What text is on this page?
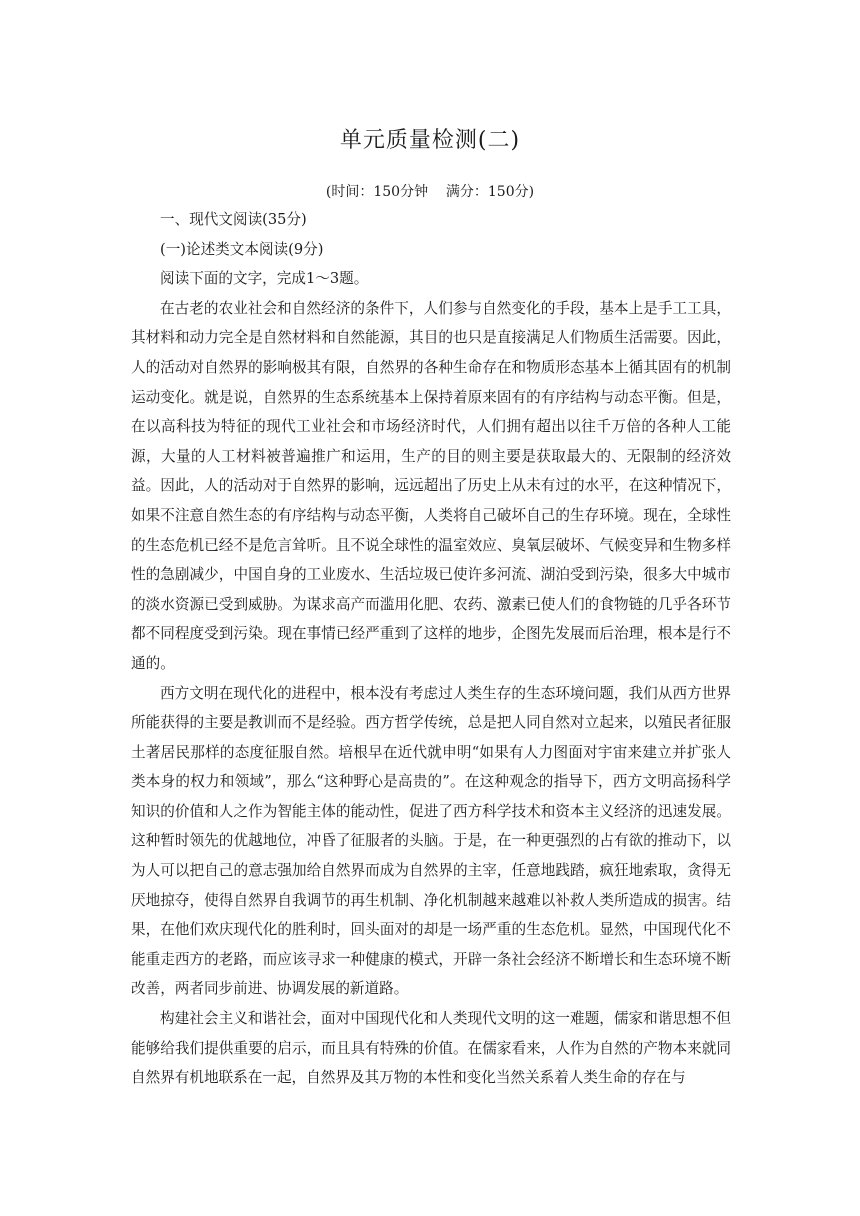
单元质量检测(二)
(时间：150分钟    满分：150分)

一、现代文阅读(35分)

(一)论述类文本阅读(9分)

阅读下面的文字，完成1～3题。

在古老的农业社会和自然经济的条件下，人们参与自然变化的手段，基本上是手工工具，其材料和动力完全是自然材料和自然能源，其目的也只是直接满足人们物质生活需要。因此，人的活动对自然界的影响极其有限，自然界的各种生命存在和物质形态基本上循其固有的机制运动变化。就是说，自然界的生态系统基本上保持着原来固有的有序结构与动态平衡。但是，在以高科技为特征的现代工业社会和市场经济时代，人们拥有超出以往千万倍的各种人工能源，大量的人工材料被普遍推广和运用，生产的目的则主要是获取最大的、无限制的经济效益。因此，人的活动对于自然界的影响，远远超出了历史上从未有过的水平，在这种情况下，如果不注意自然生态的有序结构与动态平衡，人类将自己破坏自己的生存环境。现在，全球性的生态危机已经不是危言耸听。且不说全球性的温室效应、臭氧层破坏、气候变异和生物多样性的急剧减少，中国自身的工业废水、生活垃圾已使许多河流、湖泊受到污染，很多大中城市的淡水资源已受到威胁。为谋求高产而滥用化肥、农药、激素已使人们的食物链的几乎各环节都不同程度受到污染。现在事情已经严重到了这样的地步，企图先发展而后治理，根本是行不通的。

西方文明在现代化的进程中，根本没有考虑过人类生存的生态环境问题，我们从西方世界所能获得的主要是教训而不是经验。西方哲学传统，总是把人同自然对立起来，以殖民者征服土著居民那样的态度征服自然。培根早在近代就申明“如果有人力图面对宇宙来建立并扩张人类本身的权力和领域”，那么“这种野心是高贵的”。在这种观念的指导下，西方文明高扬科学知识的价值和人之作为智能主体的能动性，促进了西方科学技术和资本主义经济的迅速发展。这种暂时领先的优越地位，冲昏了征服者的头脑。于是，在一种更强烈的占有欲的推动下，以为人可以把自己的意志强加给自然界而成为自然界的主宰，任意地践踏，疯狂地索取，贪得无厌地掠夺，使得自然界自我调节的再生机制、净化机制越来越难以补救人类所造成的损害。结果，在他们欢庆现代化的胜利时，回头面对的却是一场严重的生态危机。显然，中国现代化不能重走西方的老路，而应该寻求一种健康的模式，开辟一条社会经济不断增长和生态环境不断改善，两者同步前进、协调发展的新道路。

构建社会主义和谐社会，面对中国现代化和人类现代文明的这一难题，儒家和谐思想不但能够给我们提供重要的启示，而且具有特殊的价值。在儒家看来，人作为自然的产物本来就同自然界有机地联系在一起，自然界及其万物的本性和变化当然关系着人类生命的存在与
